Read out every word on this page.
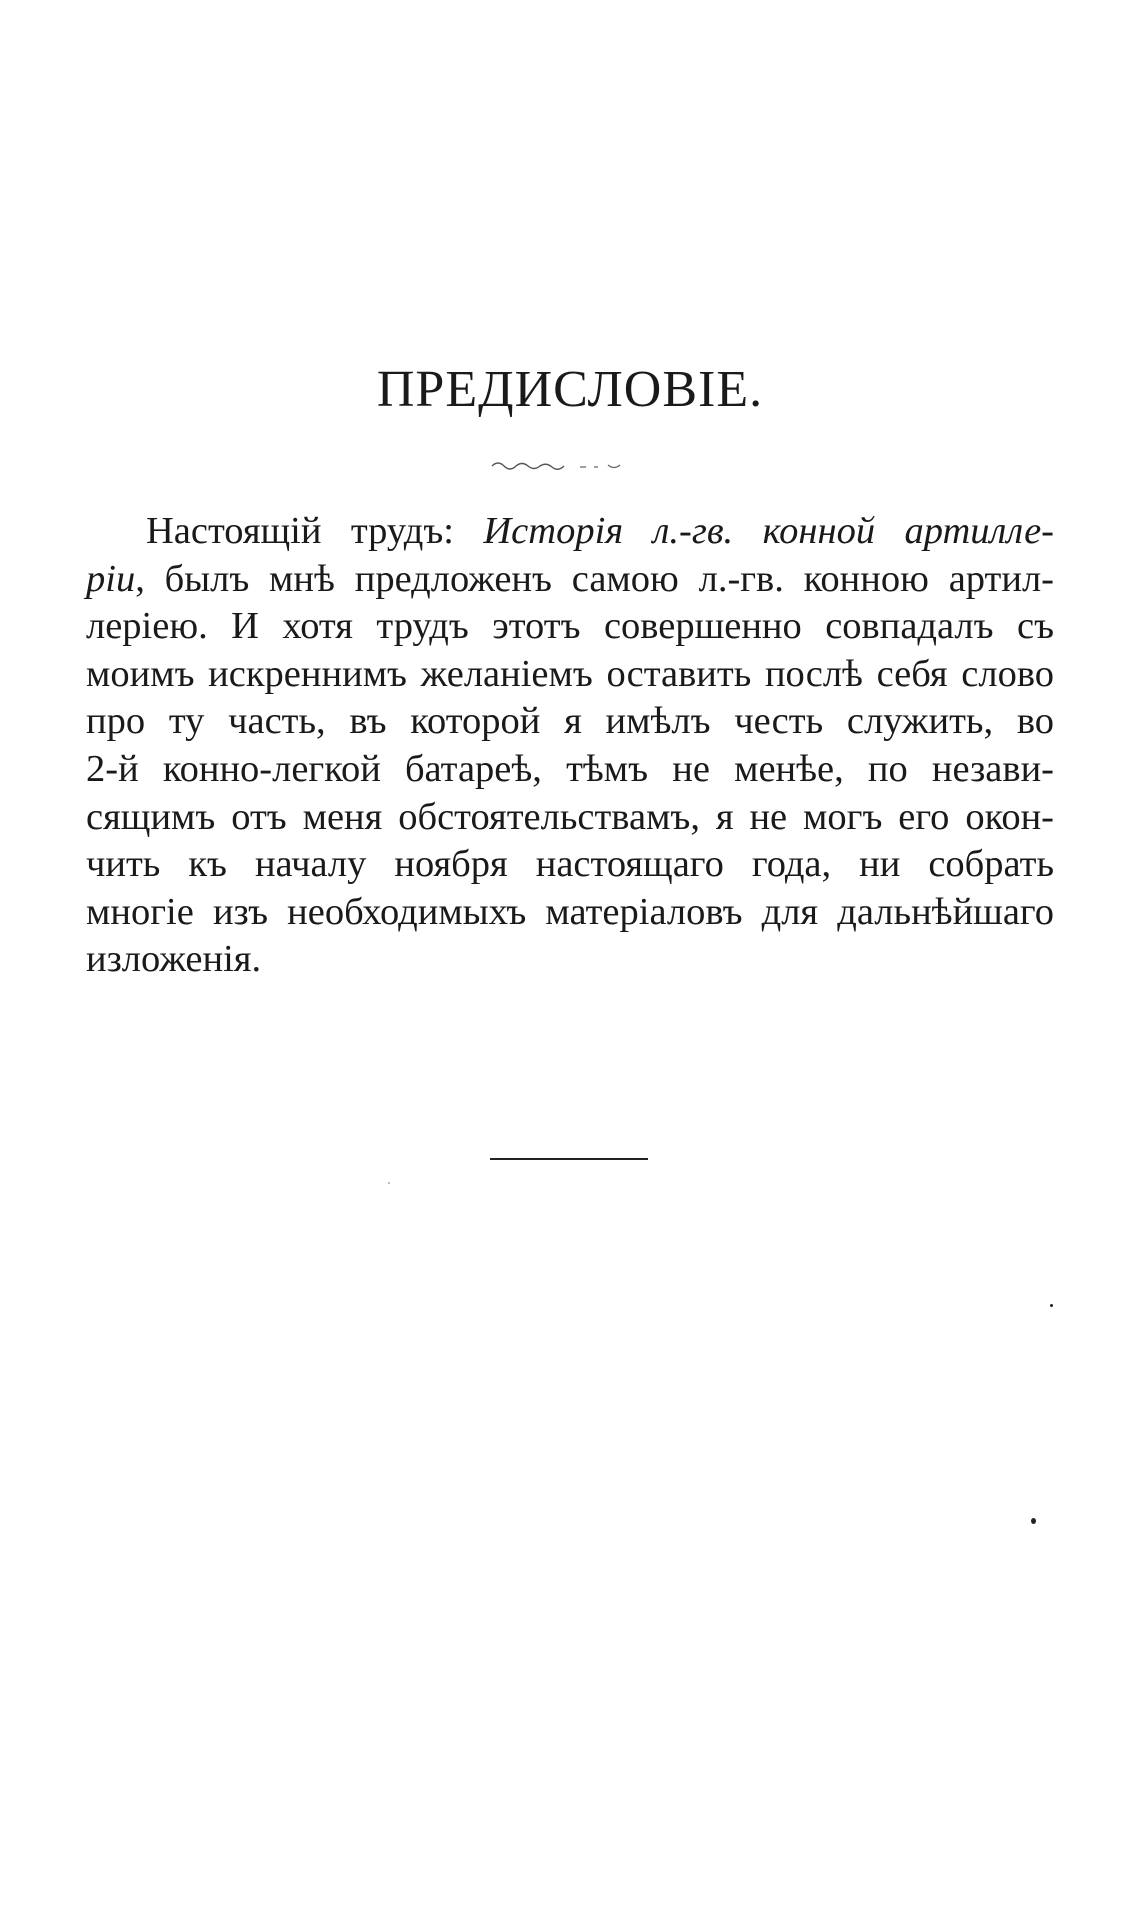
ПРЕДИСЛОВІЕ.
Настоящій трудъ: Исторія л.-гв. конной артилле-
ріи, былъ мнѣ предложенъ самою л.-гв. конною артил-
леріею. И хотя трудъ этотъ совершенно совпадалъ съ
моимъ искреннимъ желаніемъ оставить послѣ себя слово
про ту часть, въ которой я имѣлъ честь служить, во
2-й конно-легкой батареѣ, тѣмъ не менѣе, по незави-
сящимъ отъ меня обстоятельствамъ, я не могъ его окон-
чить къ началу ноября настоящаго года, ни собрать
многіе изъ необходимыхъ матеріаловъ для дальнѣйшаго
изложенія.
